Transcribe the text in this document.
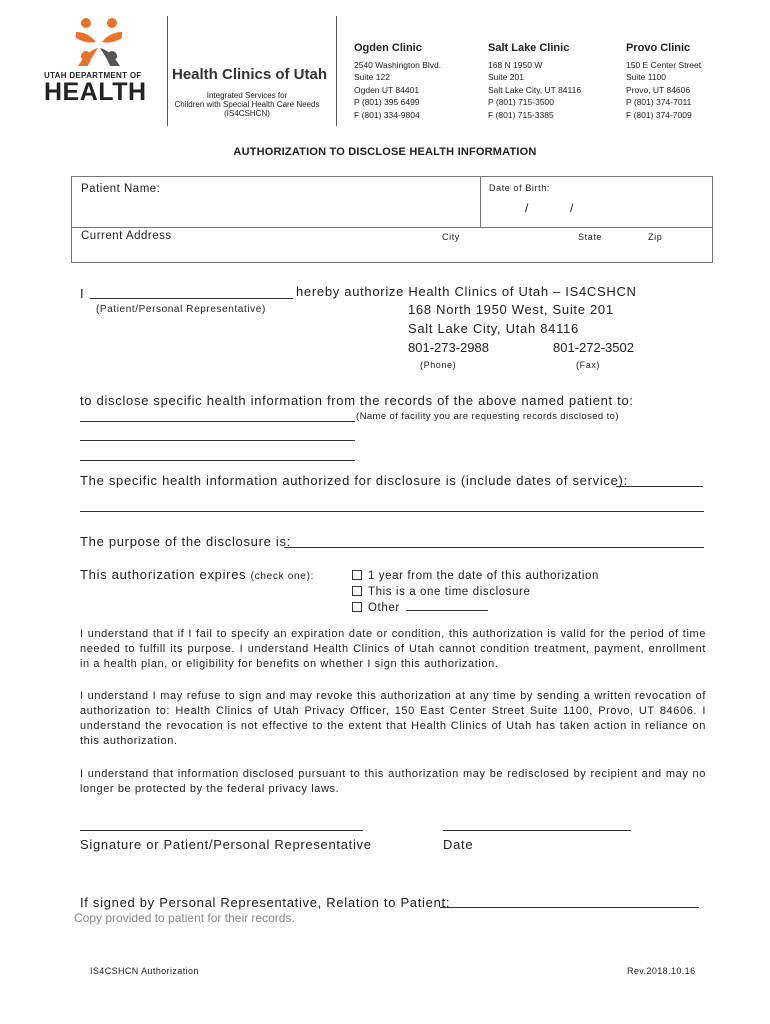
UTAH DEPARTMENT OF
HEALTH
Health Clinics of Utah
Integrated Services for
Children with Special Health Care Needs
(IS4CSHCN)
Ogden Clinic
2540 Washington Blvd.
Suite 122
Ogden UT 84401
P (801) 395 6499
F (801) 334-9804
Salt Lake Clinic
168 N 1950 W
Suite 201
Salt Lake City, UT 84116
P (801) 715-3500
F (801) 715-3385
Provo Clinic
150 E Center Street
Suite 1100
Provo, UT 84606
P (801) 374-7011
F (801) 374-7009
AUTHORIZATION TO DISCLOSE HEALTH INFORMATION
Patient Name:	Date of Birth:
/	/
Current Address	City	State	Zip
I	hereby authorize Health Clinics of Utah – IS4CSHCN
(Patient/Personal Representative)	168 North 1950 West, Suite 201
Salt Lake City, Utah 84116
801-273-2988	801-272-3502
(Phone)	(Fax)
to disclose specific health information from the records of the above named patient to:
(Name of facility you are requesting records disclosed to)
The specific health information authorized for disclosure is (include dates of service):
The purpose of the disclosure is:
This authorization expires (check one):	1 year from the date of this authorization
This is a one time disclosure
Other
I understand that if I fail to specify an expiration date or condition, this authorization is valid for the period of time needed to fulfill its purpose. I understand Health Clinics of Utah cannot condition treatment, payment, enrollment in a health plan, or eligibility for benefits on whether I sign this authorization.
I understand I may refuse to sign and may revoke this authorization at any time by sending a written revocation of authorization to: Health Clinics of Utah Privacy Officer, 150 East Center Street Suite 1100, Provo, UT 84606. I understand the revocation is not effective to the extent that Health Clinics of Utah has taken action in reliance on this authorization.
I understand that information disclosed pursuant to this authorization may be redisclosed by recipient and may no longer be protected by the federal privacy laws.
Signature or Patient/Personal Representative	Date
If signed by Personal Representative, Relation to Patient:
Copy provided to patient for their records.
IS4CSHCN Authorization	Rev.2018.10.16
